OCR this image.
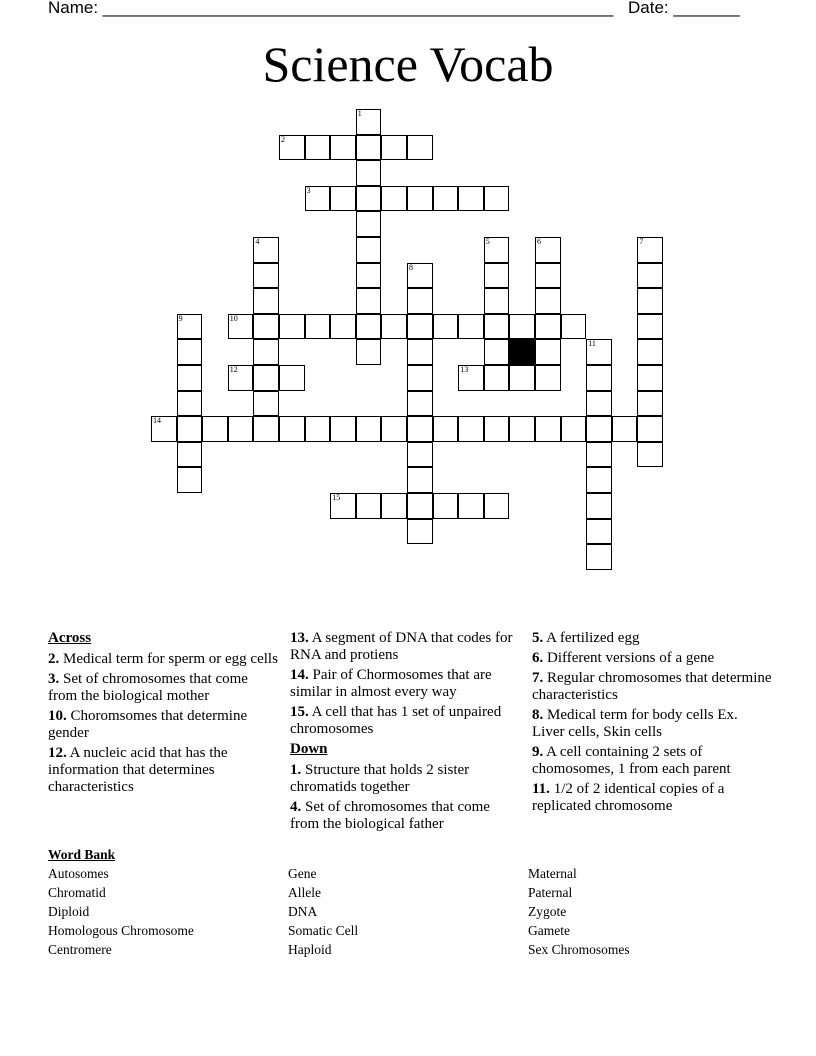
Name: ______________________________________________________ Date: _______
Science Vocab
2
3
10
12	13
14
15
1
4	5	6	7
8
9
11
Across
2. Medical term for sperm or egg cells
3. Set of chromosomes that come from the biological mother
10. Choromsomes that determine gender
12. A nucleic acid that has the information that determines characteristics
13. A segment of DNA that codes for RNA and protiens
14. Pair of Chormosomes that are similar in almost every way
15. A cell that has 1 set of unpaired chromosomes
Down
1. Structure that holds 2 sister chromatids together
4. Set of chromosomes that come from the biological father
5. A fertilized egg
6. Different versions of a gene
7. Regular chromosomes that determine characteristics
8. Medical term for body cells Ex. Liver cells, Skin cells
9. A cell containing 2 sets of chomosomes, 1 from each parent
11. 1/2 of 2 identical copies of a replicated chromosome
Word Bank
Autosomes
Chromatid
Diploid
Homologous Chromosome
Centromere
Gene
Allele
DNA
Somatic Cell
Haploid
Maternal
Paternal
Zygote
Gamete
Sex Chromosomes
